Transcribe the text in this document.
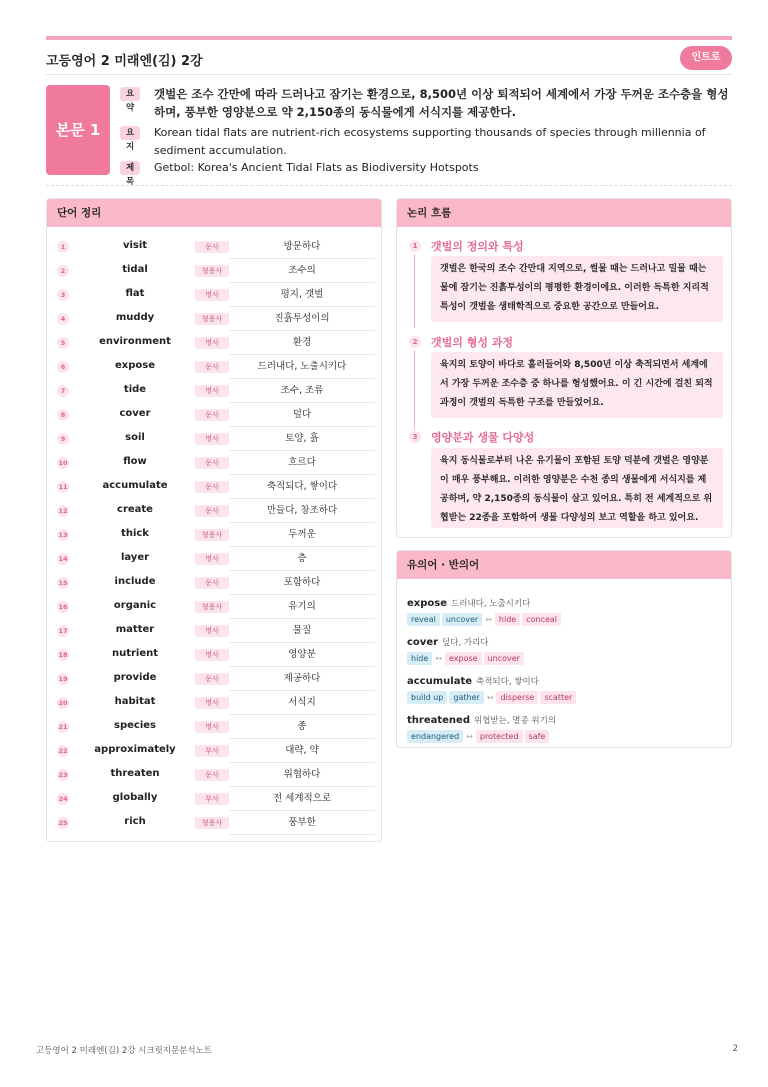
고등영어 2 미래엔(김) 2강	인트로
본문 1
요약
갯벌은 조수 간만에 따라 드러나고 잠기는 환경으로, 8,500년 이상 퇴적되어 세계에서 가장 두꺼운 조수층을 형성하며, 풍부한 영양분으로 약 2,150종의 동식물에게 서식지를 제공한다.
요지
Korean tidal flats are nutrient-rich ecosystems supporting thousands of species through millennia of sediment accumulation.
제목
Getbol: Korea's Ancient Tidal Flats as Biodiversity Hotspots
단어 정리
1	visit	동사	방문하다
2	tidal	형용사	조수의
3	flat	명사	평지, 갯벌
4	muddy	형용사	진흙투성이의
5	environment	명사	환경
6	expose	동사	드러내다, 노출시키다
7	tide	명사	조수, 조류
8	cover	동사	덮다
9	soil	명사	토양, 흙
10	flow	동사	흐르다
11	accumulate	동사	축적되다, 쌓이다
12	create	동사	만들다, 창조하다
13	thick	형용사	두꺼운
14	layer	명사	층
15	include	동사	포함하다
16	organic	형용사	유기의
17	matter	명사	물질
18	nutrient	명사	영양분
19	provide	동사	제공하다
20	habitat	명사	서식지
21	species	명사	종
22	approximately	부사	대략, 약
23	threaten	동사	위협하다
24	globally	부사	전 세계적으로
25	rich	형용사	풍부한
논리 흐름
1	갯벌의 정의와 특성
갯벌은 한국의 조수 간만대 지역으로, 썰물 때는 드러나고 밀물 때는 물에 잠기는 진흙투성이의 평평한 환경이에요. 이러한 독특한 지리적 특성이 갯벌을 생태학적으로 중요한 공간으로 만들어요.
2	갯벌의 형성 과정
육지의 토양이 바다로 흘러들어와 8,500년 이상 축적되면서 세계에서 가장 두꺼운 조수층 중 하나를 형성했어요. 이 긴 시간에 걸친 퇴적 과정이 갯벌의 독특한 구조를 만들었어요.
3	영양분과 생물 다양성
육지 동식물로부터 나온 유기물이 포함된 토양 덕분에 갯벌은 영양분이 매우 풍부해요. 이러한 영양분은 수천 종의 생물에게 서식지를 제공하며, 약 2,150종의 동식물이 살고 있어요. 특히 전 세계적으로 위협받는 22종을 포함하여 생물 다양성의 보고 역할을 하고 있어요.
유의어 · 반의어
expose 드러내다, 노출시키다
reveal uncover ↔ hide conceal
cover 덮다, 가리다
hide ↔ expose uncover
accumulate 축적되다, 쌓이다
build up gather ↔ disperse scatter
threatened 위협받는, 멸종 위기의
endangered ↔ protected safe
고등영어 2 미래엔(김) 2강 시크릿지문분석노트	2
